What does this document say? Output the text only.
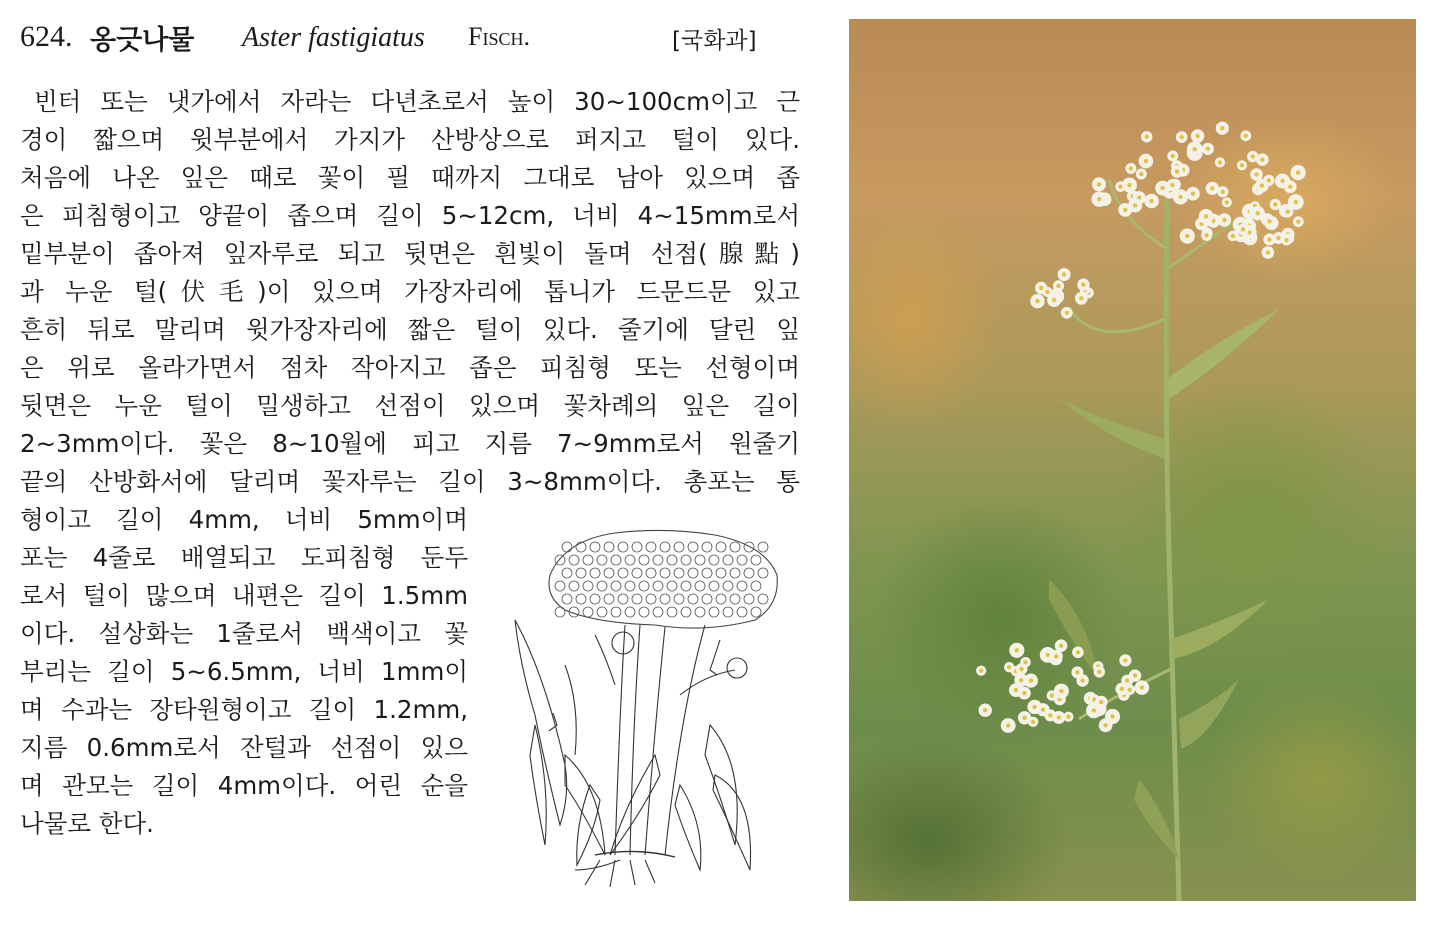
624. 옹긋나물 Aster fastigiatus Fisch.	[국화과]

빈터 또는 냇가에서 자라는 다년초로서 높이 30∼100cm이고 근

경이 짧으며 윗부분에서 가지가 산방상으로 퍼지고 털이 있다.

처음에 나온 잎은 때로 꽃이 필 때까지 그대로 남아 있으며 좁

은 피침형이고 양끝이 좁으며 길이 5∼12cm, 너비 4∼15mm로서

밑부분이 좁아져 잎자루로 되고 뒷면은 흰빛이 돌며 선점(腺點)

과 누운 털(伏毛)이 있으며 가장자리에 톱니가 드문드문 있고

흔히 뒤로 말리며 윗가장자리에 짧은 털이 있다. 줄기에 달린 잎

은 위로 올라가면서 점차 작아지고 좁은 피침형 또는 선형이며

뒷면은 누운 털이 밀생하고 선점이 있으며 꽃차례의 잎은 길이

2∼3mm이다. 꽃은 8∼10월에 피고 지름 7∼9mm로서 원줄기

끝의 산방화서에 달리며 꽃자루는 길이 3∼8mm이다. 총포는 통

형이고 길이 4mm, 너비 5mm이며

포는 4줄로 배열되고 도피침형 둔두

로서 털이 많으며 내편은 길이 1.5mm

이다. 설상화는 1줄로서 백색이고 꽃

부리는 길이 5∼6.5mm, 너비 1mm이

며 수과는 장타원형이고 길이 1.2mm,

지름 0.6mm로서 잔털과 선점이 있으

며 관모는 길이 4mm이다. 어린 순을

나물로 한다.
